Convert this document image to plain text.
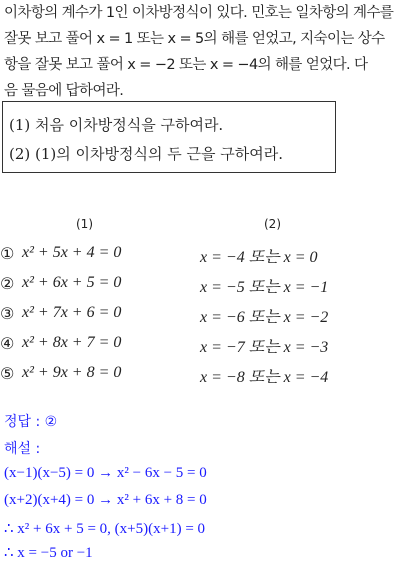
이차항의 계수가 1인 이차방정식이 있다. 민호는 일차항의 계수를
잘못 보고 풀어 x = 1 또는 x = 5의 해를 얻었고, 지숙이는 상수
항을 잘못 보고 풀어 x = −2 또는 x = −4의 해를 얻었다. 다
음 물음에 답하여라.
(1) 처음 이차방정식을 구하여라.
(2) (1)의 이차방정식의 두 근을 구하여라.
(1)	(2)
① x² + 5x + 4 = 0	x = −4 또는 x = 0
② x² + 6x + 5 = 0	x = −5 또는 x = −1
③ x² + 7x + 6 = 0	x = −6 또는 x = −2
④ x² + 8x + 7 = 0	x = −7 또는 x = −3
⑤ x² + 9x + 8 = 0	x = −8 또는 x = −4
정답 : ②
해설 :
(x−1)(x−5) = 0 → x² − 6x − 5 = 0
(x+2)(x+4) = 0 → x² + 6x + 8 = 0
∴ x² + 6x + 5 = 0, (x+5)(x+1) = 0
∴ x = −5 or −1
